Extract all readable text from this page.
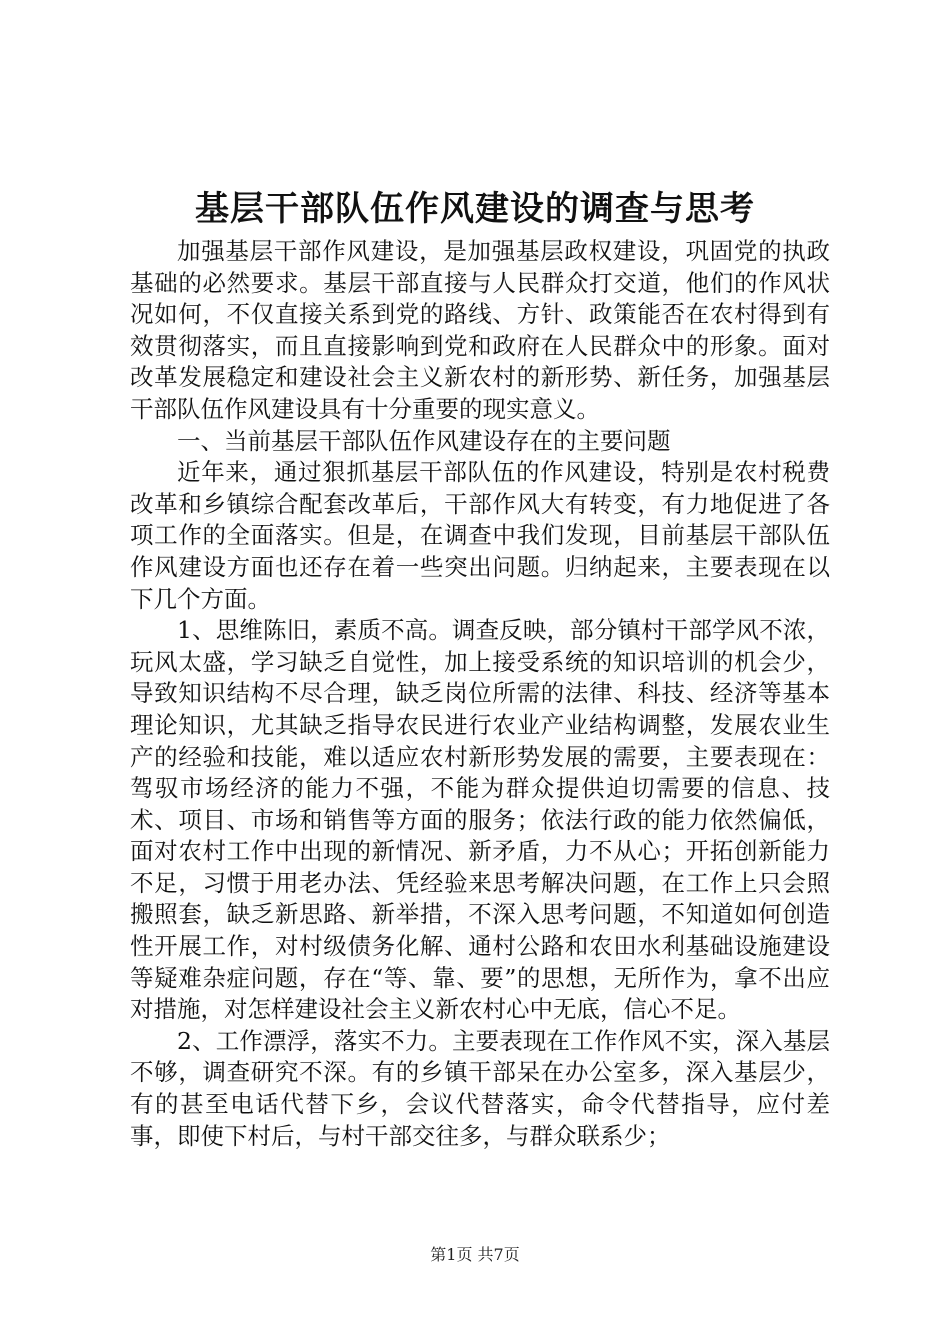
基层干部队伍作风建设的调查与思考

加强基层干部作风建设，是加强基层政权建设，巩固党的执政基础的必然要求。基层干部直接与人民群众打交道，他们的作风状况如何，不仅直接关系到党的路线、方针、政策能否在农村得到有效贯彻落实，而且直接影响到党和政府在人民群众中的形象。面对改革发展稳定和建设社会主义新农村的新形势、新任务，加强基层干部队伍作风建设具有十分重要的现实意义。

一、当前基层干部队伍作风建设存在的主要问题

近年来，通过狠抓基层干部队伍的作风建设，特别是农村税费改革和乡镇综合配套改革后，干部作风大有转变，有力地促进了各项工作的全面落实。但是，在调查中我们发现，目前基层干部队伍作风建设方面也还存在着一些突出问题。归纳起来，主要表现在以下几个方面。

1、思维陈旧，素质不高。调查反映，部分镇村干部学风不浓，玩风太盛，学习缺乏自觉性，加上接受系统的知识培训的机会少，导致知识结构不尽合理，缺乏岗位所需的法律、科技、经济等基本理论知识，尤其缺乏指导农民进行农业产业结构调整，发展农业生产的经验和技能，难以适应农村新形势发展的需要，主要表现在：驾驭市场经济的能力不强，不能为群众提供迫切需要的信息、技术、项目、市场和销售等方面的服务；依法行政的能力依然偏低，面对农村工作中出现的新情况、新矛盾，力不从心；开拓创新能力不足，习惯于用老办法、凭经验来思考解决问题，在工作上只会照搬照套，缺乏新思路、新举措，不深入思考问题，不知道如何创造性开展工作，对村级债务化解、通村公路和农田水利基础设施建设等疑难杂症问题，存在“等、靠、要”的思想，无所作为，拿不出应对措施，对怎样建设社会主义新农村心中无底，信心不足。

2、工作漂浮，落实不力。主要表现在工作作风不实，深入基层不够，调查研究不深。有的乡镇干部呆在办公室多，深入基层少，有的甚至电话代替下乡，会议代替落实，命令代替指导，应付差事，即使下村后，与村干部交往多，与群众联系少；

第1页 共7页
